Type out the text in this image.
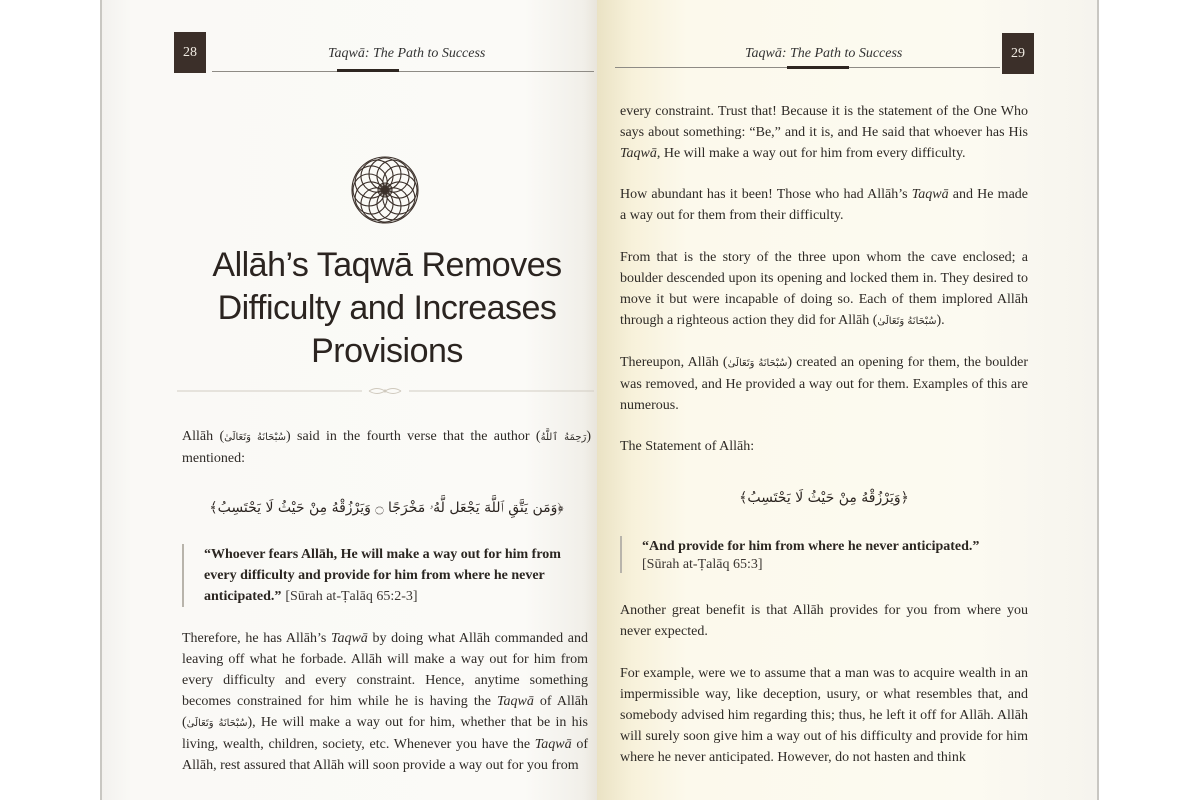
28	Taqwā: The Path to Success
Allāh’s Taqwā Removes
Difficulty and Increases
Provisions
Allāh (سُبْحَانَهُ وَتَعَالَىٰ) said in the fourth verse that the author (رَحِمَهُ ٱللَّهُ) mentioned:
﴿وَمَن يَتَّقِ ٱللَّهَ يَجْعَل لَّهُۥ مَخْرَجًا ۝ وَيَرْزُقْهُ مِنْ حَيْثُ لَا يَحْتَسِبُ﴾
“Whoever fears Allāh, He will make a way out for him from every difficulty and provide for him from where he never anticipated.” [Sūrah at-Ṭalāq 65:2-3]
Therefore, he has Allāh’s Taqwā by doing what Allāh commanded and leaving off what he forbade. Allāh will make a way out for him from every difficulty and every constraint. Hence, anytime something becomes constrained for him while he is having the Taqwā of Allāh (سُبْحَانَهُ وَتَعَالَىٰ), He will make a way out for him, whether that be in his living, wealth, children, society, etc. Whenever you have the Taqwā of Allāh, rest assured that Allāh will soon provide a way out for you from
Taqwā: The Path to Success	29
every constraint. Trust that! Because it is the statement of the One Who says about something: “Be,” and it is, and He said that whoever has His Taqwā, He will make a way out for him from every difficulty.
How abundant has it been! Those who had Allāh’s Taqwā and He made a way out for them from their difficulty.
From that is the story of the three upon whom the cave enclosed; a boulder descended upon its opening and locked them in. They desired to move it but were incapable of doing so. Each of them implored Allāh through a righteous action they did for Allāh (سُبْحَانَهُ وَتَعَالَىٰ).
Thereupon, Allāh (سُبْحَانَهُ وَتَعَالَىٰ) created an opening for them, the boulder was removed, and He provided a way out for them. Examples of this are numerous.
The Statement of Allāh:
﴿وَيَرْزُقْهُ مِنْ حَيْثُ لَا يَحْتَسِبُ﴾
“And provide for him from where he never anticipated.”
[Sūrah at-Ṭalāq 65:3]
Another great benefit is that Allāh provides for you from where you never expected.
For example, were we to assume that a man was to acquire wealth in an impermissible way, like deception, usury, or what resembles that, and somebody advised him regarding this; thus, he left it off for Allāh. Allāh will surely soon give him a way out of his difficulty and provide for him where he never anticipated. However, do not hasten and think
